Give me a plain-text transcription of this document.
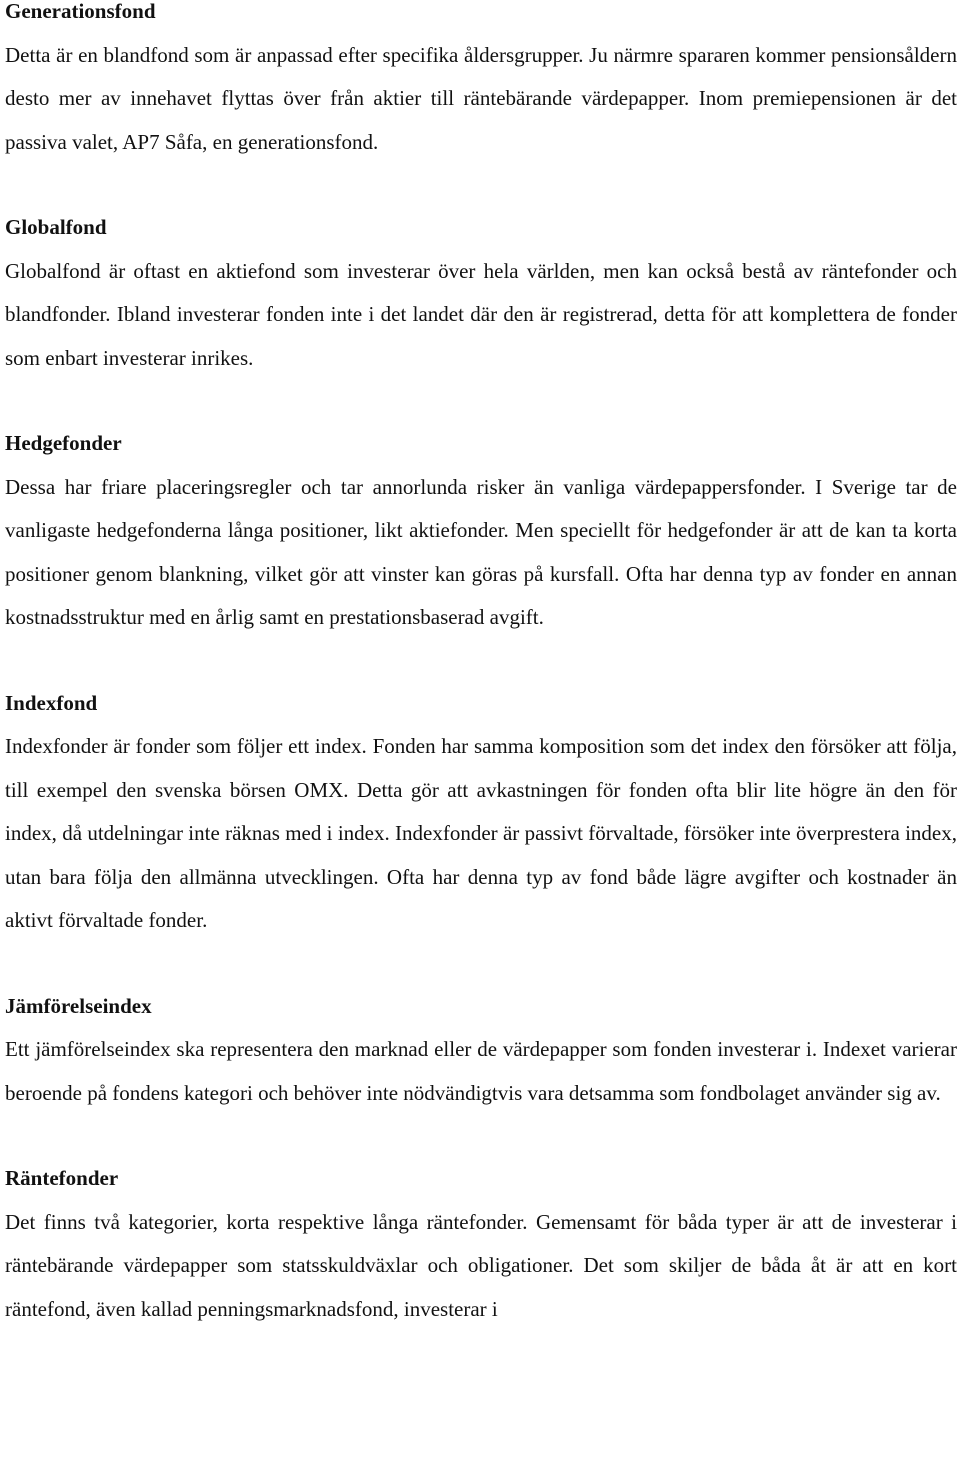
Generationsfond

Detta är en blandfond som är anpassad efter specifika åldersgrupper. Ju närmre spararen kommer pensionsåldern desto mer av innehavet flyttas över från aktier till räntebärande värdepapper. Inom premiepensionen är det passiva valet, AP7 Såfa, en generationsfond.

Globalfond

Globalfond är oftast en aktiefond som investerar över hela världen, men kan också bestå av räntefonder och blandfonder. Ibland investerar fonden inte i det landet där den är registrerad, detta för att komplettera de fonder som enbart investerar inrikes.

Hedgefonder

Dessa har friare placeringsregler och tar annorlunda risker än vanliga värdepappersfonder. I Sverige tar de vanligaste hedgefonderna långa positioner, likt aktiefonder. Men speciellt för hedgefonder är att de kan ta korta positioner genom blankning, vilket gör att vinster kan göras på kursfall. Ofta har denna typ av fonder en annan kostnadsstruktur med en årlig samt en prestationsbaserad avgift.

Indexfond

Indexfonder är fonder som följer ett index. Fonden har samma komposition som det index den försöker att följa, till exempel den svenska börsen OMX. Detta gör att avkastningen för fonden ofta blir lite högre än den för index, då utdelningar inte räknas med i index. Indexfonder är passivt förvaltade, försöker inte överprestera index, utan bara följa den allmänna utvecklingen. Ofta har denna typ av fond både lägre avgifter och kostnader än aktivt förvaltade fonder.

Jämförelseindex

Ett jämförelseindex ska representera den marknad eller de värdepapper som fonden investerar i. Indexet varierar beroende på fondens kategori och behöver inte nödvändigtvis vara detsamma som fondbolaget använder sig av.

Räntefonder

Det finns två kategorier, korta respektive långa räntefonder. Gemensamt för båda typer är att de investerar i räntebärande värdepapper som statsskuldväxlar och obligationer. Det som skiljer de båda åt är att en kort räntefond, även kallad penningsmarknadsfond, investerar i
